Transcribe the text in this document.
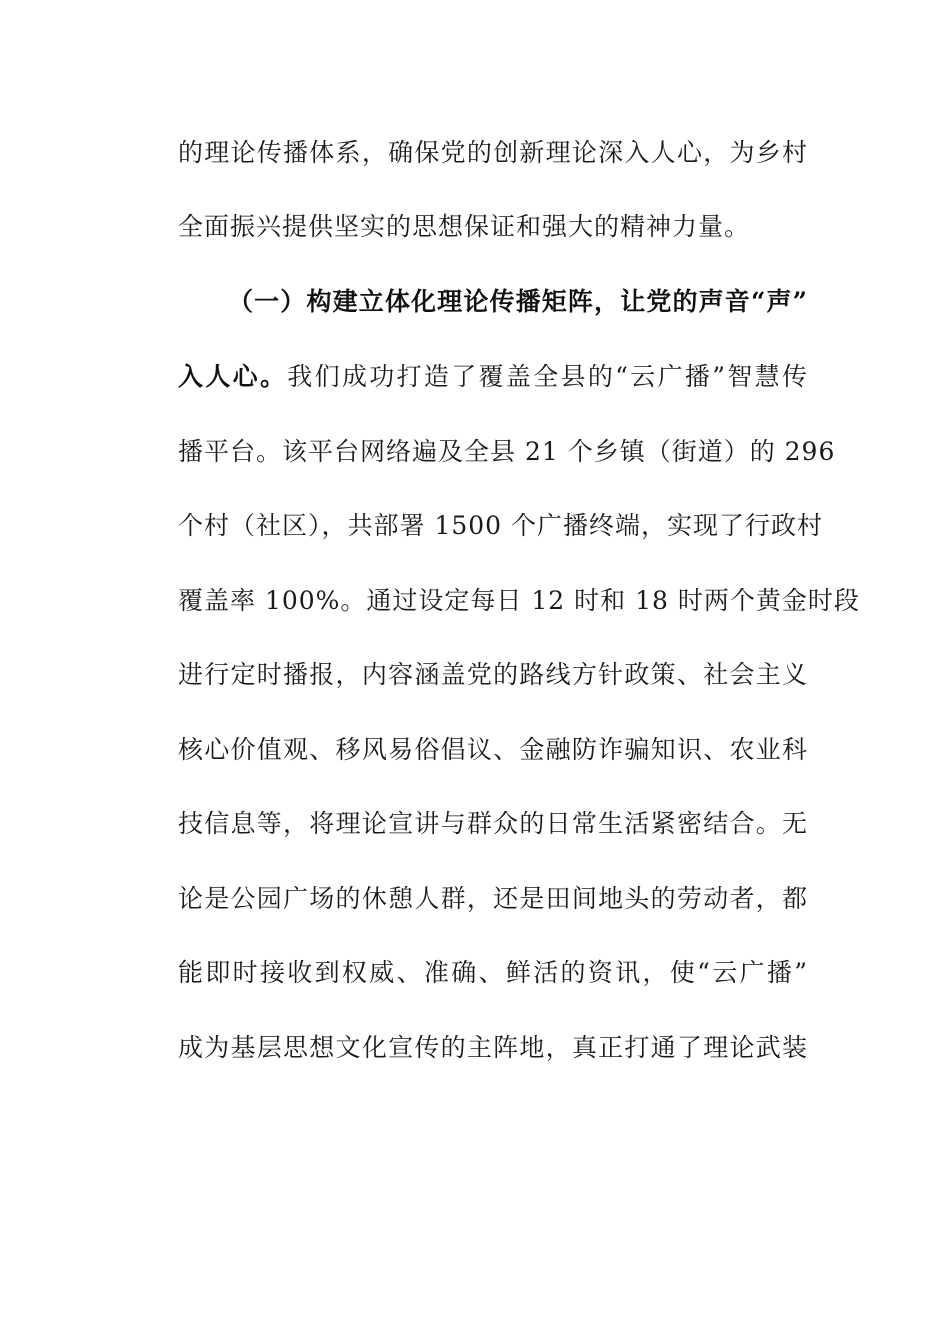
的理论传播体系，确保党的创新理论深入人心，为乡村
全面振兴提供坚实的思想保证和强大的精神力量。
（一）构建立体化理论传播矩阵，让党的声音“声”
入人心。我们成功打造了覆盖全县的“云广播”智慧传
播平台。该平台网络遍及全县 21 个乡镇（街道）的 296
个村（社区），共部署 1500 个广播终端，实现了行政村
覆盖率 100%。通过设定每日 12 时和 18 时两个黄金时段
进行定时播报，内容涵盖党的路线方针政策、社会主义
核心价值观、移风易俗倡议、金融防诈骗知识、农业科
技信息等，将理论宣讲与群众的日常生活紧密结合。无
论是公园广场的休憩人群，还是田间地头的劳动者，都
能即时接收到权威、准确、鲜活的资讯，使“云广播”
成为基层思想文化宣传的主阵地，真正打通了理论武装
